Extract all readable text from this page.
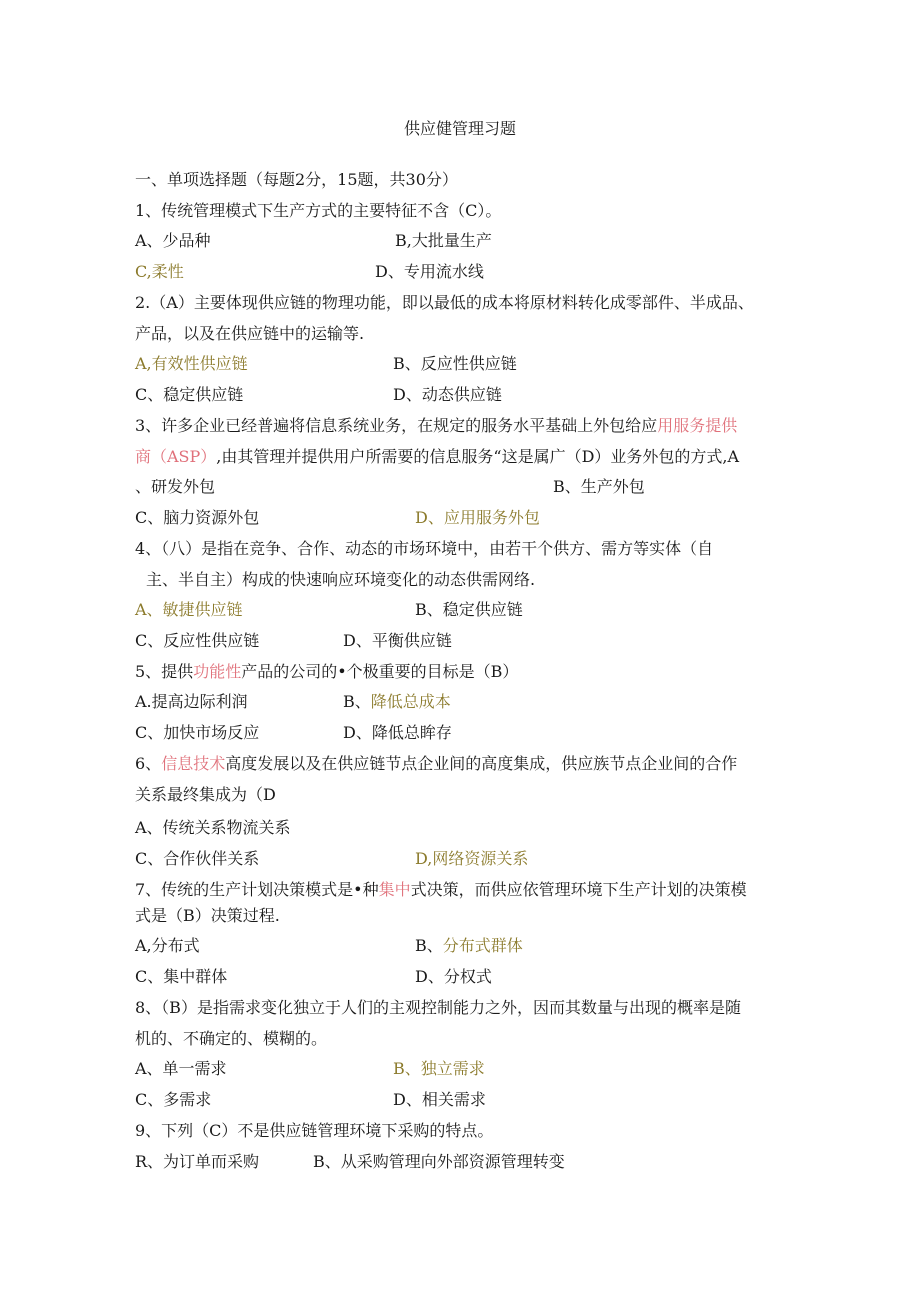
供应健管理习题
一、单项选择题（每题2分，15题，共30分）
1、传统管理模式下生产方式的主要特征不含（C）。
A、少品种	B,大批量生产
C,柔性	D、专用流水线
2.（A）主要体现供应链的物理功能，即以最低的成本将原材料转化成零部件、半成品、
产品，以及在供应链中的运输等.
A,有效性供应链	B、反应性供应链
C、稳定供应链	D、动态供应链
3、许多企业已经普遍将信息系统业务，在规定的服务水平基础上外包给应用服务提供
商（ASP）,由其管理并提供用户所需要的信息服务“这是属广（D）业务外包的方式,A
、研发外包	B、生产外包
C、脑力资源外包	D、应用服务外包
4、（八）是指在竞争、合作、动态的市场环境中，由若干个供方、需方等实体（自
主、半自主）构成的快速响应环境变化的动态供需网络.
A、敏捷供应链	B、稳定供应链
C、反应性供应链	D、平衡供应链
5、提供功能性产品的公司的•个极重要的目标是（B）
A.提高边际利润	B、降低总成本
C、加快市场反应	D、降低总眸存
6、信息技术高度发展以及在供应链节点企业间的高度集成，供应族节点企业间的合作
关系最终集成为（D
A、传统关系物流关系
C、合作伙伴关系	D,网络资源关系
7、传统的生产计划决策模式是•种集中式决策，而供应依管理环境下生产计划的决策模
式是（B）决策过程.
A,分布式	B、分布式群体
C、集中群体	D、分权式
8、（B）是指需求变化独立于人们的主观控制能力之外，因而其数量与出现的概率是随
机的、不确定的、模糊的。
A、单一需求	B、独立需求
C、多需求	D、相关需求
9、下列（C）不是供应链管理环境下采购的特点。
R、为订单而采购	B、从采购管理向外部资源管理转变
